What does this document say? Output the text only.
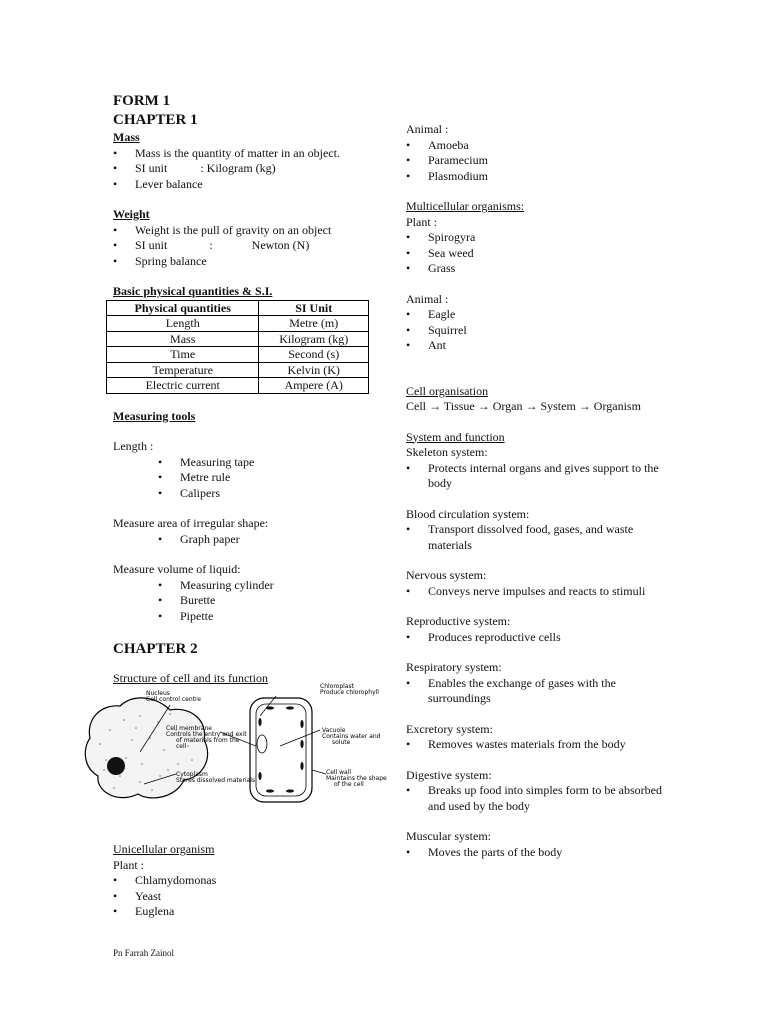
FORM 1

CHAPTER 1

Mass

• Mass is the quantity of matter in an object.
• SI unit           : Kilogram (kg)
• Lever balance

Weight

• Weight is the pull of gravity on an object
• SI unit              :             Newton (N)
• Spring balance

Basic physical quantities & S.I.

Physical quantities	SI Unit
Length	Metre (m)
Mass	Kilogram (kg)
Time	Second (s)
Temperature	Kelvin (K)
Electric current	Ampere (A)

Measuring tools

Length :

• Measuring tape
• Metre rule
• Calipers

Measure area of irregular shape:

• Graph paper

Measure volume of liquid:

• Measuring cylinder
• Burette
• Pipette

CHAPTER 2

Structure of cell and its function

Nucleus
Cell control centre
Cell membrane
Controls the entry and exit
of materials from the
cell
Cytoplasm
Stores dissolved materials
Chloroplast
Produce chlorophyll
Vacuole
Contains water and
solute
Cell wall
Maintains the shape
of the cell

Unicellular organism

Plant :

• Chlamydomonas
• Yeast
• Euglena

Animal :

• Amoeba
• Paramecium
• Plasmodium

Multicellular organisms:

Plant :

• Spirogyra
• Sea weed
• Grass

Animal :

• Eagle
• Squirrel
• Ant

Cell organisation

Cell → Tissue → Organ → System → Organism

System and function

Skeleton system:

• Protects internal organs and gives support to the body

Blood circulation system:

• Transport dissolved food, gases, and waste materials

Nervous system:

• Conveys nerve impulses and reacts to stimuli

Reproductive system:

• Produces reproductive cells

Respiratory system:

• Enables the exchange of gases with the surroundings

Excretory system:

• Removes wastes materials from the body

Digestive system:

• Breaks up food into simples form to be absorbed and used by the body

Muscular system:

• Moves the parts of the body
Pn Farrah Zainol
